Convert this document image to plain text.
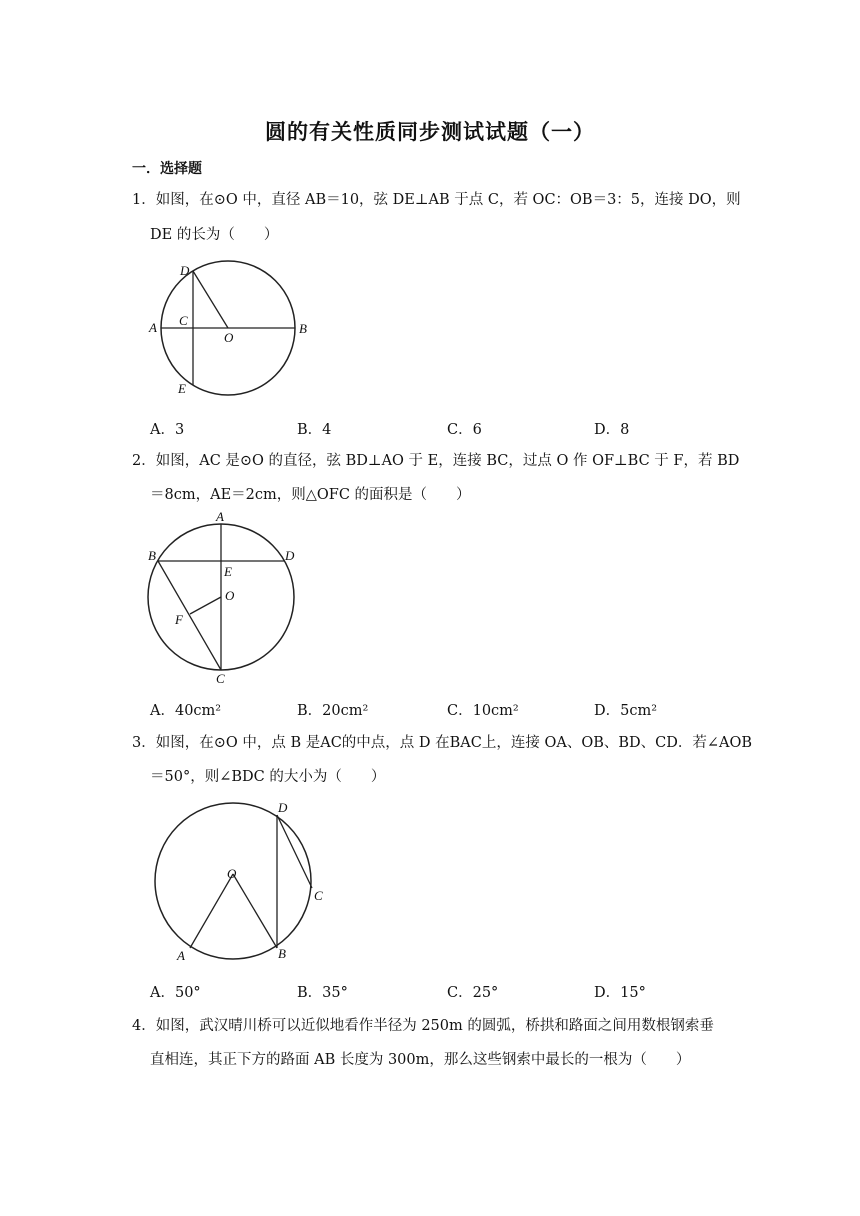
圆的有关性质同步测试试题（一）
一．选择题
1．如图，在⊙O 中，直径 AB＝10，弦 DE⊥AB 于点 C，若 OC：OB＝3：5，连接 DO，则
DE 的长为（　　）
D
C
A
O
B
E
A．3	B．4	C．6	D．8
2．如图，AC 是⊙O 的直径，弦 BD⊥AO 于 E，连接 BC，过点 O 作 OF⊥BC 于 F，若 BD
＝8cm，AE＝2cm，则△OFC 的面积是（　　）
A
B	D
E
O
F
C
A．40cm²	B．20cm²	C．10cm²	D．5cm²
3．如图，在⊙O 中，点 B 是AC的中点，点 D 在BAC上，连接 OA、OB、BD、CD．若∠AOB
＝50°，则∠BDC 的大小为（　　）
D
O
C
A	B
A．50°	B．35°	C．25°	D．15°
4．如图，武汉晴川桥可以近似地看作半径为 250m 的圆弧，桥拱和路面之间用数根钢索垂
直相连，其正下方的路面 AB 长度为 300m，那么这些钢索中最长的一根为（　　）
